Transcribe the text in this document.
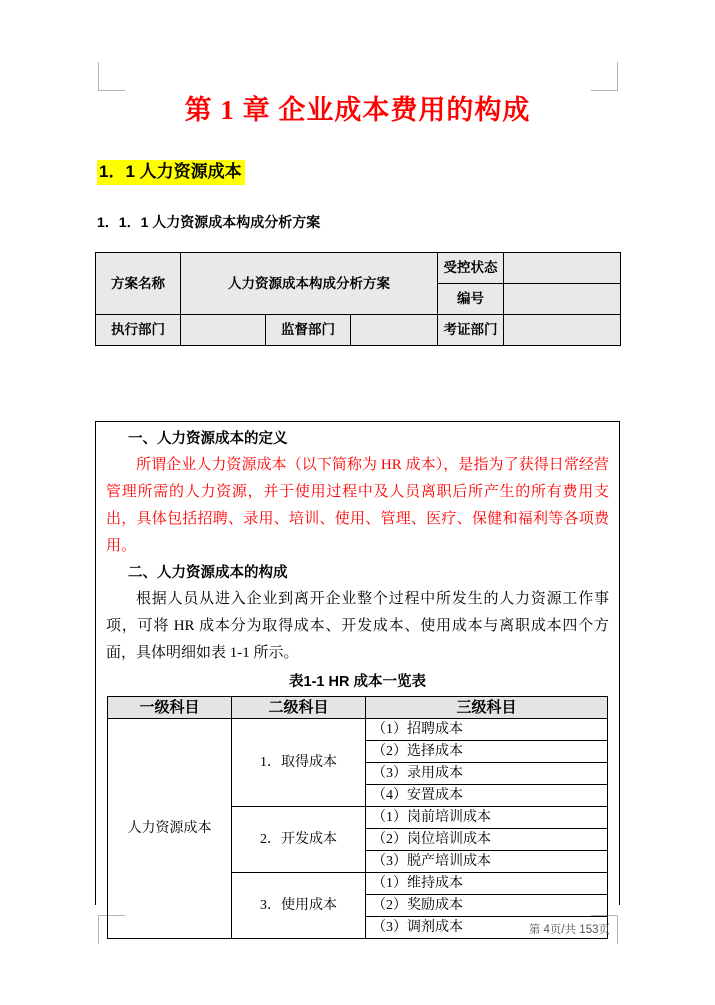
第 1 章 企业成本费用的构成
1．1 人力资源成本
1．1．1 人力资源成本构成分析方案
方案名称	人力资源成本构成分析方案			受控状态	

				编号	

执行部门		监督部门		考证部门	

一、人力资源成本的定义

所谓企业人力资源成本（以下简称为 HR 成本），是指为了获得日常经营管理所需的人力资源，并于使用过程中及人员离职后所产生的所有费用支出，具体包括招聘、录用、培训、使用、管理、医疗、保健和福利等各项费用。

二、人力资源成本的构成

根据人员从进入企业到离开企业整个过程中所发生的人力资源工作事项，可将 HR 成本分为取得成本、开发成本、使用成本与离职成本四个方面，具体明细如表 1-1 所示。

表1-1 HR 成本一览表
一级科目	二级科目	三级科目
人力资源成本	1．取得成本	（1）招聘成本
		（2）选择成本
		（3）录用成本
		（4）安置成本
	2．开发成本	（1）岗前培训成本
		（2）岗位培训成本
		（3）脱产培训成本
	3．使用成本	（1）维持成本
		（2）奖励成本
		（3）调剂成本	第 4页/共 153页
